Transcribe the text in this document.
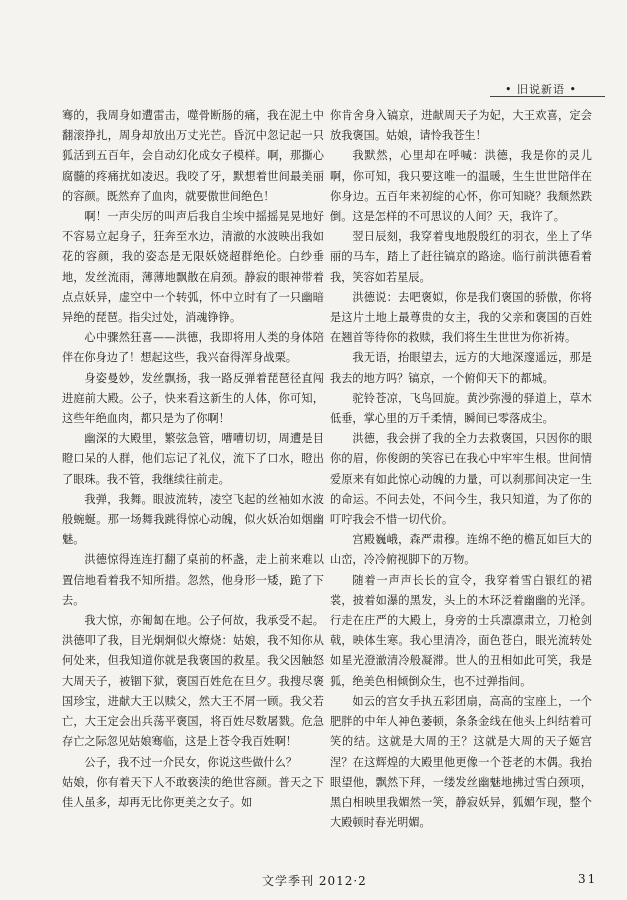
• 旧说新语 •

骞的，我周身如遭雷击，噬骨断肠的痛，我在泥土中翻滚挣扎，周身却放出万丈光芒。昏沉中忽记起一只狐活到五百年，会自动幻化成女子模样。啊，那撕心腐髓的疼痛扰如凌迟。我咬了牙，默想着世间最美丽的容颜。既然弃了血肉，就要傲世间绝色！

啊！一声尖厉的叫声后我自尘埃中摇摇晃晃地好不容易立起身子，狂奔至水边，清澈的水波映出我如花的容颜，我的姿态是无限妖娆超群绝伦。白纱垂地，发丝流雨，薄薄地飘散在肩颈。静寂的眼神带着点点妖异，虚空中一个转弧，怀中立时有了一只幽暗异绝的琵琶。指尖过处，消魂铮铮。

心中骤然狂喜——洪德，我即将用人类的身体陪伴在你身边了！想起这些，我兴奋得浑身战栗。

身姿曼妙，发丝飘扬，我一路反弹着琵琶径直闯进庭前大殿。公子，快来看这新生的人体，你可知，这些年绝血肉，都只是为了你啊！

幽深的大殿里，繁弦急管，嘈嘈切切，周遭是目瞪口呆的人群，他们忘记了礼仪，流下了口水，瞪出了眼珠。我不管，我继续往前走。

我弹，我舞。眼波流转，凌空飞起的丝袖如水波般蜿蜒。那一场舞我跳得惊心动魄，似火妖冶如烟幽魅。

洪德惊得连连打翻了桌前的杯盏，走上前来难以置信地看着我不知所措。忽然，他身形一矮，跪了下去。

我大惊，亦匍匐在地。公子何故，我承受不起。洪德叩了我，目光炯炯似火燎烧：姑娘，我不知你从何处来，但我知道你就是我褒国的救星。我父因触怒大周天子，被锢下狱，褒国百姓危在旦夕。我搜尽褒国珍宝，进献大王以赎父，然大王不屑一顾。我父若亡，大王定会出兵荡平褒国，将百姓尽数屠戮。危急存亡之际忽见姑娘骞临，这是上苍令我百姓啊！

公子，我不过一介民女，你说这些做什么？

姑娘，你有着天下人不敢亵渎的绝世容颜。普天之下佳人虽多，却再无比你更美之女子。如

你肯舍身入镐京，进献周天子为妃，大王欢喜，定会放我褒国。姑娘，请怜我苍生！

我默然，心里却在呼喊：洪德，我是你的灵儿啊，你可知，我只要这唯一的温暖，生生世世陪伴在你身边。五百年来初绽的心怀，你可知晓？我颓然跌倒。这是怎样的不可思议的人间？天，我许了。

翌日辰刻，我穿着曳地殷殷红的羽衣，坐上了华丽的马车，踏上了赶往镐京的路途。临行前洪德看着我，笑容如若星辰。

洪德说：去吧褒姒，你是我们褒国的骄傲，你将是这片土地上最尊贵的女主，我的父亲和褒国的百姓在翘首等待你的救赎，我们将生生世世为你祈祷。

我无语，抬眼望去，远方的大地深邃遥远，那是我去的地方吗？镐京，一个俯仰天下的都城。

驼铃苍凉，飞鸟回旋。黄沙弥漫的驿道上，草木低垂，掌心里的万千柔情，瞬间已零落成尘。

洪德，我会拼了我的全力去救褒国，只因你的眼你的眉，你俊朗的笑容已在我心中牢牢生根。世间情爱原来有如此惊心动魄的力量，可以刹那间决定一生的命运。不问去处，不问今生，我只知道，为了你的叮咛我会不惜一切代价。

宫殿巍峨，森严肃穆。连绵不绝的檐瓦如巨大的山峦，冷冷俯视脚下的万物。

随着一声声长长的宣令，我穿着雪白银红的裙裳，披着如瀑的黑发，头上的木环泛着幽幽的光泽。行走在庄严的大殿上，身旁的士兵凛凛肃立，刀枪剑戟，映体生寒。我心里清冷，面色苍白，眼光流转处如星光澄澈清冷般凝滞。世人的丑相如此可笑，我是狐，绝美色相倾倒众生，也不过弹指间。

如云的宫女手执五彩团扇，高高的宝座上，一个肥胖的中年人神色萎顿，条条金线在他头上纠结着可笑的结。这就是大周的王？这就是大周的天子姬宫涅？在这辉煌的大殿里他更像一个苍老的木偶。我抬眼望他，飘然下拜，一缕发丝幽魅地拂过雪白颈项，黑白相映里我媚然一笑，静寂妖异，狐媚乍现，整个大殿顿时春光明媚。

文学季刊 2012·2	31
